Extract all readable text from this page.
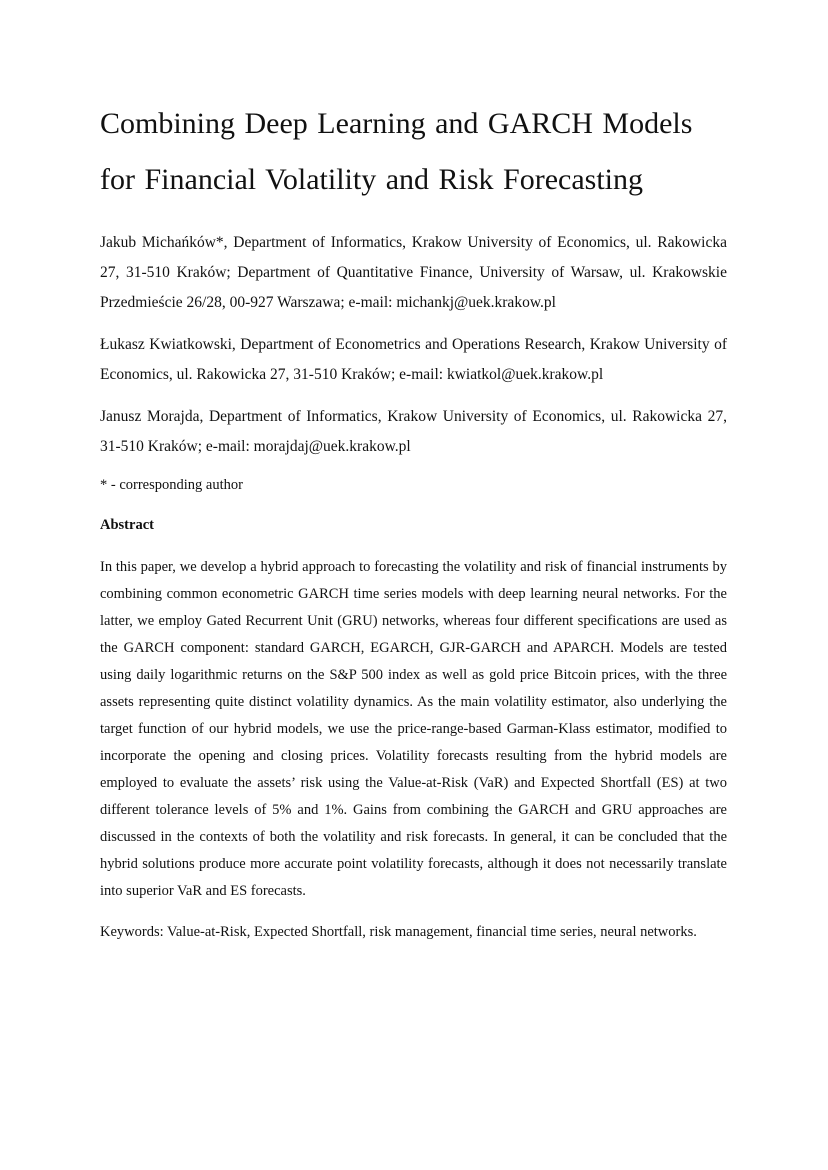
Combining Deep Learning and GARCH Models
for Financial Volatility and Risk Forecasting

Jakub Michańków*, Department of Informatics, Krakow University of Economics, ul. Rakowicka 27, 31-510 Kraków; Department of Quantitative Finance, University of Warsaw, ul. Krakowskie Przedmieście 26/28, 00-927 Warszawa; e-mail: michankj@uek.krakow.pl

Łukasz Kwiatkowski, Department of Econometrics and Operations Research, Krakow University of Economics, ul. Rakowicka 27, 31-510 Kraków; e-mail: kwiatkol@uek.krakow.pl

Janusz Morajda, Department of Informatics, Krakow University of Economics, ul. Rakowicka 27, 31-510 Kraków; e-mail: morajdaj@uek.krakow.pl

* - corresponding author

Abstract

In this paper, we develop a hybrid approach to forecasting the volatility and risk of financial instruments by combining common econometric GARCH time series models with deep learning neural networks. For the latter, we employ Gated Recurrent Unit (GRU) networks, whereas four different specifications are used as the GARCH component: standard GARCH, EGARCH, GJR-GARCH and APARCH. Models are tested using daily logarithmic returns on the S&P 500 index as well as gold price Bitcoin prices, with the three assets representing quite distinct volatility dynamics. As the main volatility estimator, also underlying the target function of our hybrid models, we use the price-range-based Garman-Klass estimator, modified to incorporate the opening and closing prices. Volatility forecasts resulting from the hybrid models are employed to evaluate the assets’ risk using the Value-at-Risk (VaR) and Expected Shortfall (ES) at two different tolerance levels of 5% and 1%. Gains from combining the GARCH and GRU approaches are discussed in the contexts of both the volatility and risk forecasts. In general, it can be concluded that the hybrid solutions produce more accurate point volatility forecasts, although it does not necessarily translate into superior VaR and ES forecasts.

Keywords: Value-at-Risk, Expected Shortfall, risk management, financial time series, neural networks.
